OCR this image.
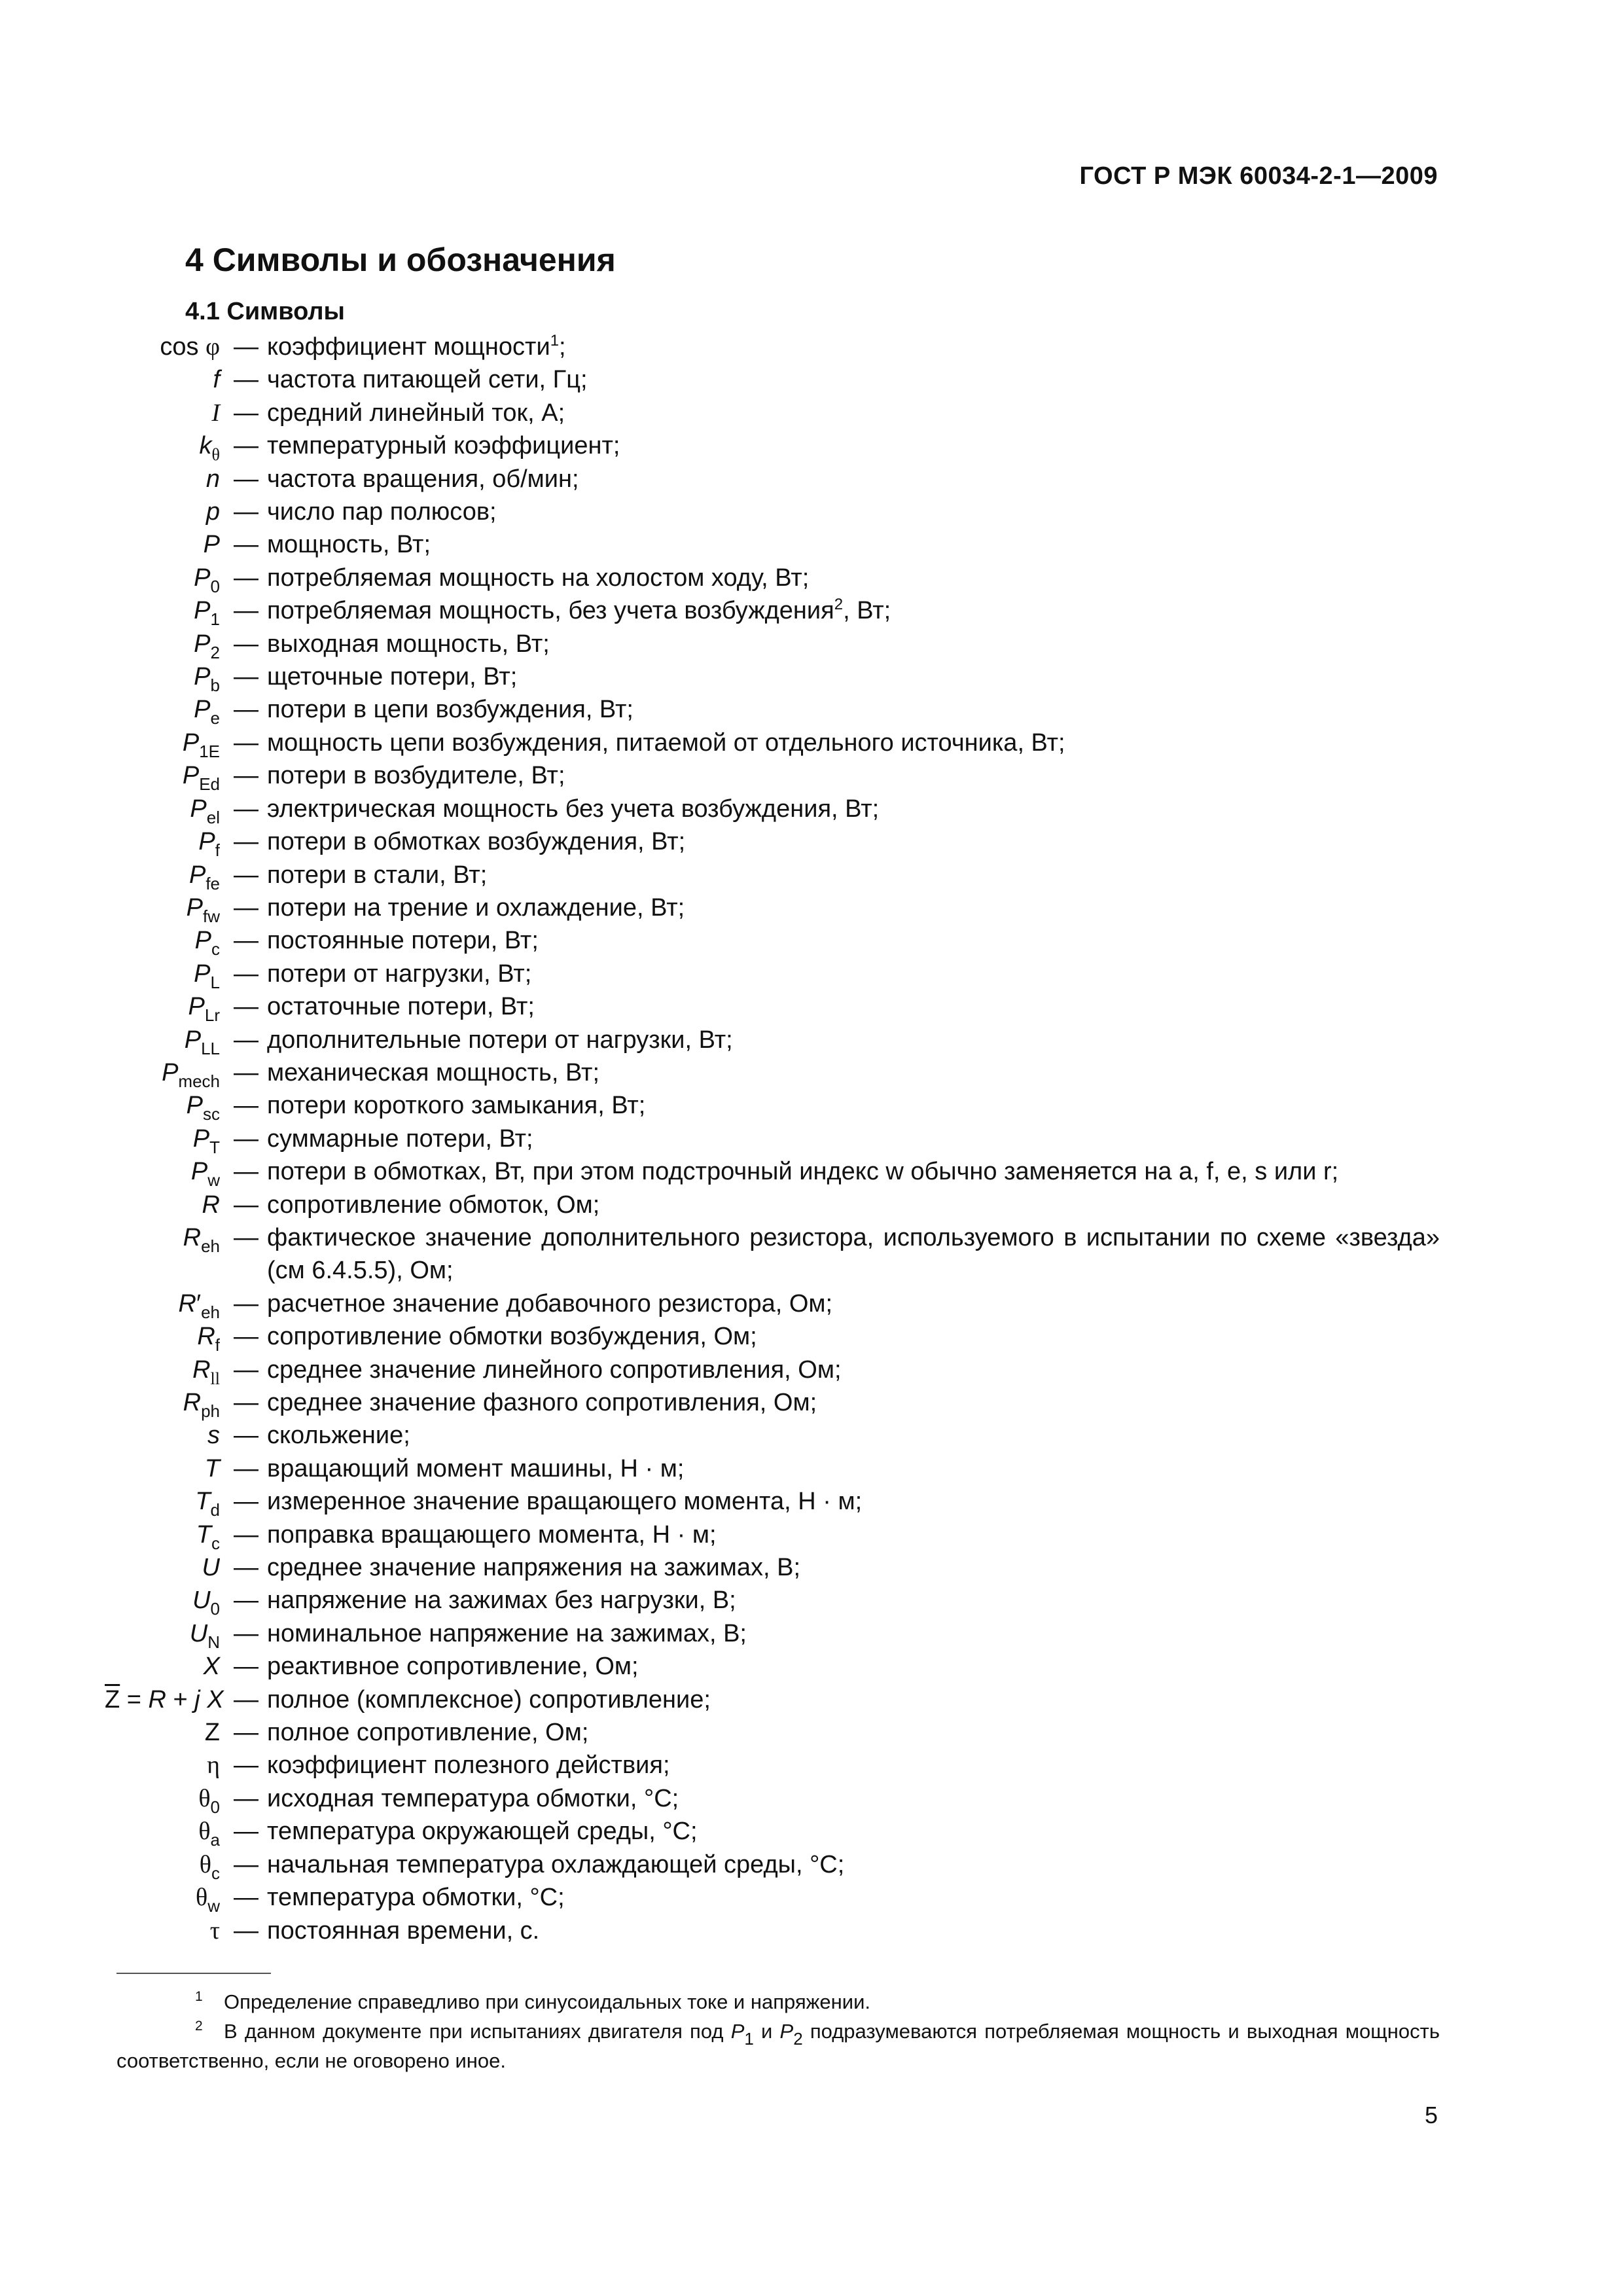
ГОСТ Р МЭК 60034-2-1—2009
4 Символы и обозначения
4.1 Символы
cos φ — коэффициент мощности$^1$;
f — частота питающей сети, Гц;
I — средний линейный ток, А;
$k_\theta$ — температурный коэффициент;
n — частота вращения, об/мин;
p — число пар полюсов;
P — мощность, Вт;
$P_0$ — потребляемая мощность на холостом ходу, Вт;
$P_1$ — потребляемая мощность, без учета возбуждения$^2$, Вт;
$P_2$ — выходная мощность, Вт;
$P_b$ — щеточные потери, Вт;
$P_e$ — потери в цепи возбуждения, Вт;
$P_{1E}$ — мощность цепи возбуждения, питаемой от отдельного источника, Вт;
$P_{Ed}$ — потери в возбудителе, Вт;
$P_{el}$ — электрическая мощность без учета возбуждения, Вт;
$P_f$ — потери в обмотках возбуждения, Вт;
$P_{fe}$ — потери в стали, Вт;
$P_{fw}$ — потери на трение и охлаждение, Вт;
$P_c$ — постоянные потери, Вт;
$P_L$ — потери от нагрузки, Вт;
$P_{Lr}$ — остаточные потери, Вт;
$P_{LL}$ — дополнительные потери от нагрузки, Вт;
$P_{mech}$ — механическая мощность, Вт;
$P_{sc}$ — потери короткого замыкания, Вт;
$P_T$ — суммарные потери, Вт;
$P_w$ — потери в обмотках, Вт, при этом подстрочный индекс w обычно заменяется на a, f, e, s или r;
R — сопротивление обмоток, Ом;
$R_{eh}$ — фактическое значение дополнительного резистора, используемого в испытании по схеме «звезда» (см 6.4.5.5), Ом;
$R'_{eh}$ — расчетное значение добавочного резистора, Ом;
$R_f$ — сопротивление обмотки возбуждения, Ом;
$R_{ll}$ — среднее значение линейного сопротивления, Ом;
$R_{ph}$ — среднее значение фазного сопротивления, Ом;
s — скольжение;
T — вращающий момент машины, Н · м;
$T_d$ — измеренное значение вращающего момента, Н · м;
$T_c$ — поправка вращающего момента, Н · м;
U — среднее значение напряжения на зажимах, В;
$U_0$ — напряжение на зажимах без нагрузки, В;
$U_N$ — номинальное напряжение на зажимах, В;
X — реактивное сопротивление, Ом;
$\overline{Z} = R + j$ X — полное (комплексное) сопротивление;
Z — полное сопротивление, Ом;
η — коэффициент полезного действия;
$\theta_0$ — исходная температура обмотки, °С;
$\theta_a$ — температура окружающей среды, °С;
$\theta_c$ — начальная температура охлаждающей среды, °С;
$\theta_w$ — температура обмотки, °С;
τ — постоянная времени, с.

1 Определение справедливо при синусоидальных токе и напряжении.

2 В данном документе при испытаниях двигателя под $P_1$ и $P_2$ подразумеваются потребляемая мощность и выходная мощность соответственно, если не оговорено иное.

5
